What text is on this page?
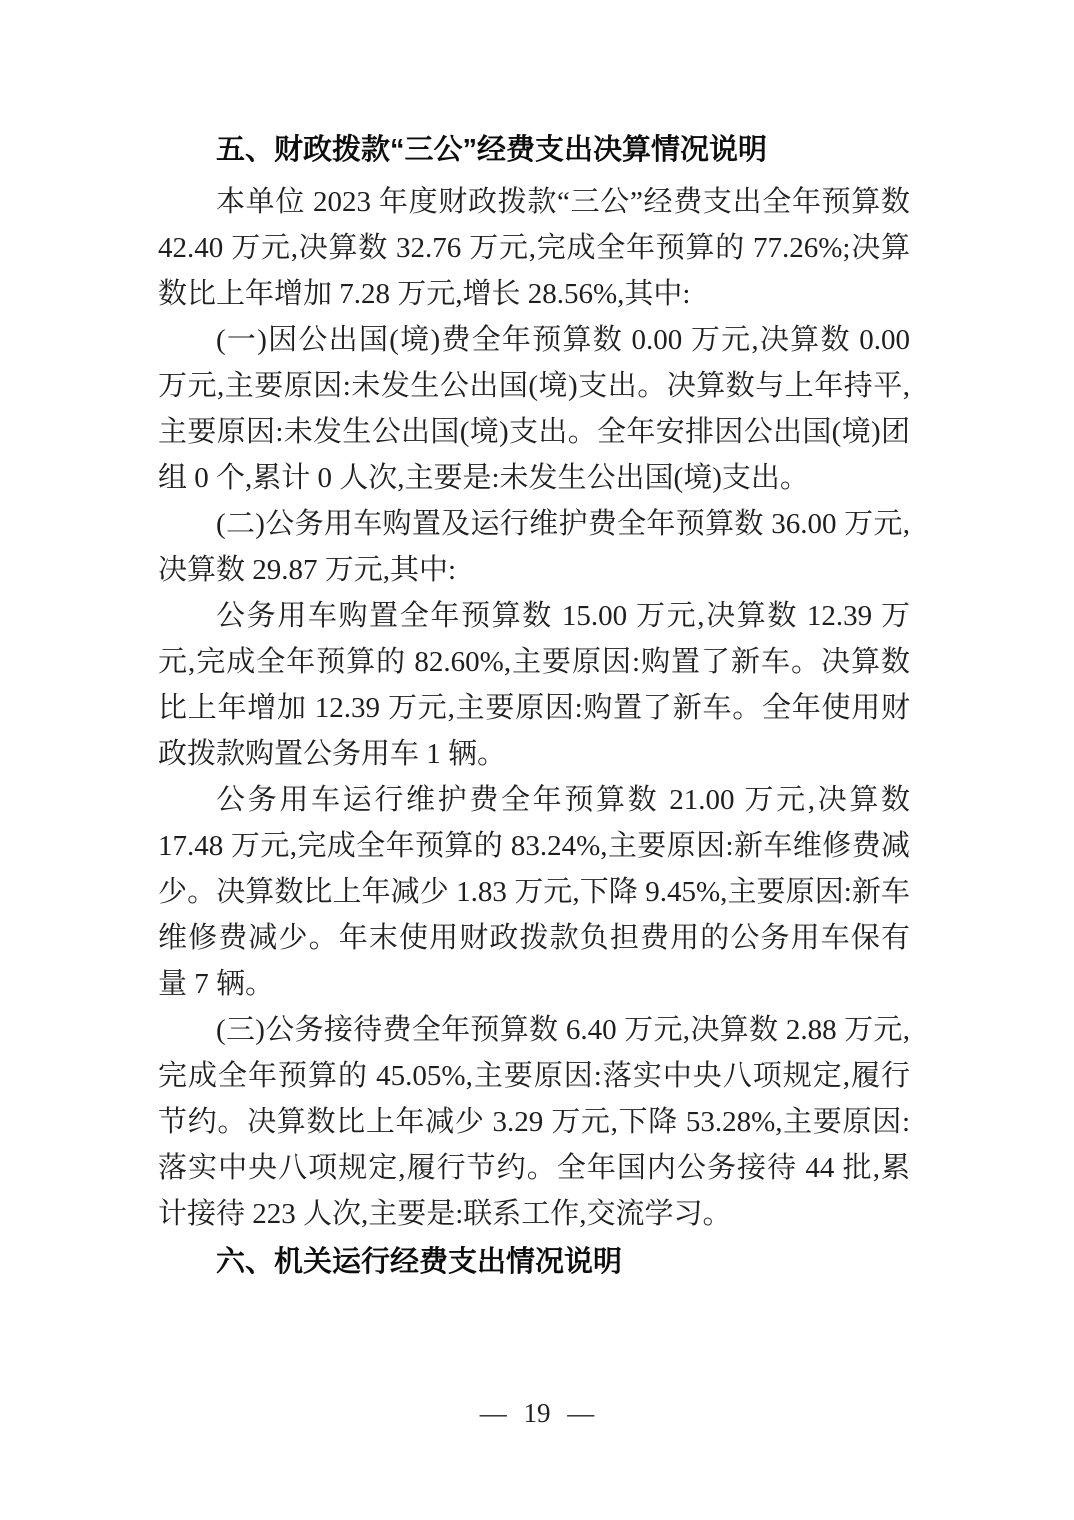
五、财政拨款“三公”经费支出决算情况说明

本单位 2023 年度财政拨款“三公”经费支出全年预算数 42.40 万元,决算数 32.76 万元,完成全年预算的 77.26%;决算数比上年增加 7.28 万元,增长 28.56%,其中:

(一)因公出国(境)费全年预算数 0.00 万元,决算数 0.00 万元,主要原因:未发生公出国(境)支出。决算数与上年持平,主要原因:未发生公出国(境)支出。全年安排因公出国(境)团组 0 个,累计 0 人次,主要是:未发生公出国(境)支出。

(二)公务用车购置及运行维护费全年预算数 36.00 万元,决算数 29.87 万元,其中:

公务用车购置全年预算数 15.00 万元,决算数 12.39 万元,完成全年预算的 82.60%,主要原因:购置了新车。决算数比上年增加 12.39 万元,主要原因:购置了新车。全年使用财政拨款购置公务用车 1 辆。

公务用车运行维护费全年预算数 21.00 万元,决算数 17.48 万元,完成全年预算的 83.24%,主要原因:新车维修费减少。决算数比上年减少 1.83 万元,下降 9.45%,主要原因:新车维修费减少。年末使用财政拨款负担费用的公务用车保有量 7 辆。

(三)公务接待费全年预算数 6.40 万元,决算数 2.88 万元,完成全年预算的 45.05%,主要原因:落实中央八项规定,履行节约。决算数比上年减少 3.29 万元,下降 53.28%,主要原因:落实中央八项规定,履行节约。全年国内公务接待 44 批,累计接待 223 人次,主要是:联系工作,交流学习。

六、机关运行经费支出情况说明
— 19 —
